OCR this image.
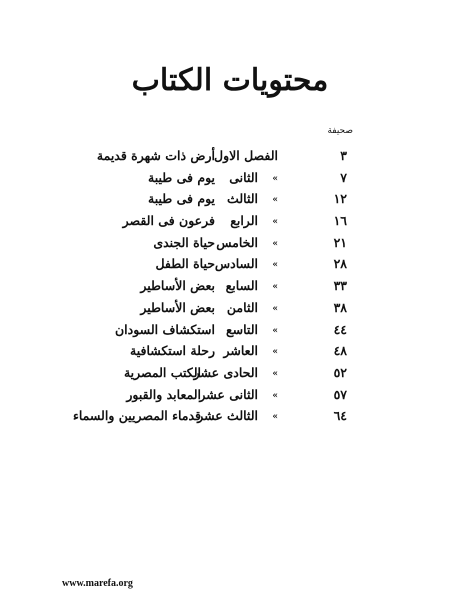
محتويات الكتاب
صحيفة
٣
الفصل الاول
أرض ذات شهرة قديمة
٧
»
الثانى
يوم فى طيبة
١٢
»
الثالث
يوم فى طيبة
١٦
»
الرابع
فرعون فى القصر
٢١
»
الخامس
حياة الجندى
٢٨
»
السادس
حياة الطفل
٣٣
»
السابع
بعض الأساطير
٣٨
»
الثامن
بعض الأساطير
٤٤
»
التاسع
استكشاف السودان
٤٨
»
العاشر
رحلة استكشافية
٥٢
»
الحادى عشر
الكتب المصرية
٥٧
»
الثانى عشر
المعابد والقبور
٦٤
»
الثالث عشر
قدماء المصريين والسماء
www.marefa.org
